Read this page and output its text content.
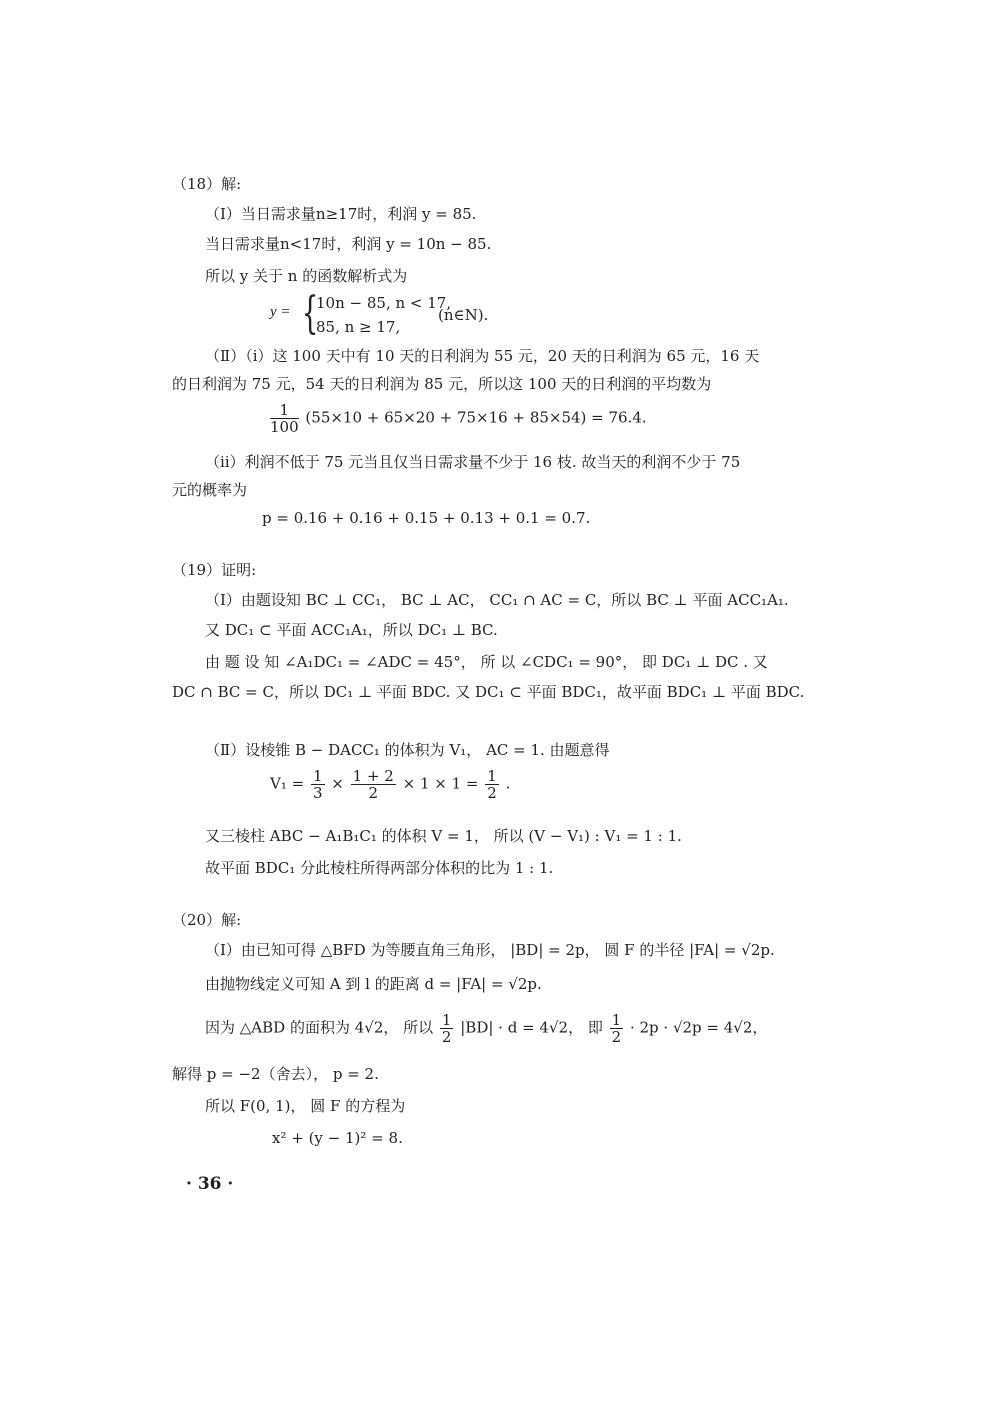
（18）解:
（Ⅰ）当日需求量n≥17时，利润 y = 85.
当日需求量n<17时，利润 y = 10n − 85.
所以 y 关于 n 的函数解析式为
y = {
10n − 85, n < 17,
85, n ≥ 17,
(n∈N).
（Ⅱ）（ⅰ）这 100 天中有 10 天的日利润为 55 元，20 天的日利润为 65 元，16 天
的日利润为 75 元，54 天的日利润为 85 元，所以这 100 天的日利润的平均数为
$\frac{1}{100} (55\times 10 + 65\times 20 + 75\times 16 + 85\times 54) = 76.4$.
（ⅱ）利润不低于 75 元当且仅当日需求量不少于 16 枝. 故当天的利润不少于 75
元的概率为
p = 0.16 + 0.16 + 0.15 + 0.13 + 0.1 = 0.7.
（19）证明:
（Ⅰ）由题设知 BC ⊥ CC₁， BC ⊥ AC， CC₁ ∩ AC = C，所以 BC ⊥ 平面 ACC₁A₁.
又 DC₁ ⊂ 平面 ACC₁A₁，所以 DC₁ ⊥ BC.
由 题 设 知 ∠A₁DC₁ = ∠ADC = 45°， 所 以 ∠CDC₁ = 90°， 即 DC₁ ⊥ DC . 又
DC ∩ BC = C，所以 DC₁ ⊥ 平面 BDC. 又 DC₁ ⊂ 平面 BDC₁，故平面 BDC₁ ⊥ 平面 BDC.
（Ⅱ）设棱锥 B − DACC₁ 的体积为 V₁， AC = 1. 由题意得
$V_1 = \frac{1}{3} \times \frac{1 + 2}{2} \times 1 \times 1 = \frac{1}{2}$ .
又三棱柱 ABC − A₁B₁C₁ 的体积 V = 1， 所以 (V − V₁) : V₁ = 1 : 1.
故平面 BDC₁ 分此棱柱所得两部分体积的比为 1 : 1.
（20）解:
（Ⅰ）由已知可得 △BFD 为等腰直角三角形， |BD| = 2p， 圆 F 的半径 |FA| = √2p.
由抛物线定义可知 A 到 l 的距离 d = |FA| = √2p.
因为 △ABD 的面积为 4√2， 所以 $\frac{1}{2} |BD| \cdot d = 4√2$， 即 $\frac{1}{2} \cdot 2p \cdot √2p = 4√2$，
解得 p = −2（舍去）， p = 2.
所以 F(0, 1)， 圆 F 的方程为
x² + (y − 1)² = 8.
· 36 ·
